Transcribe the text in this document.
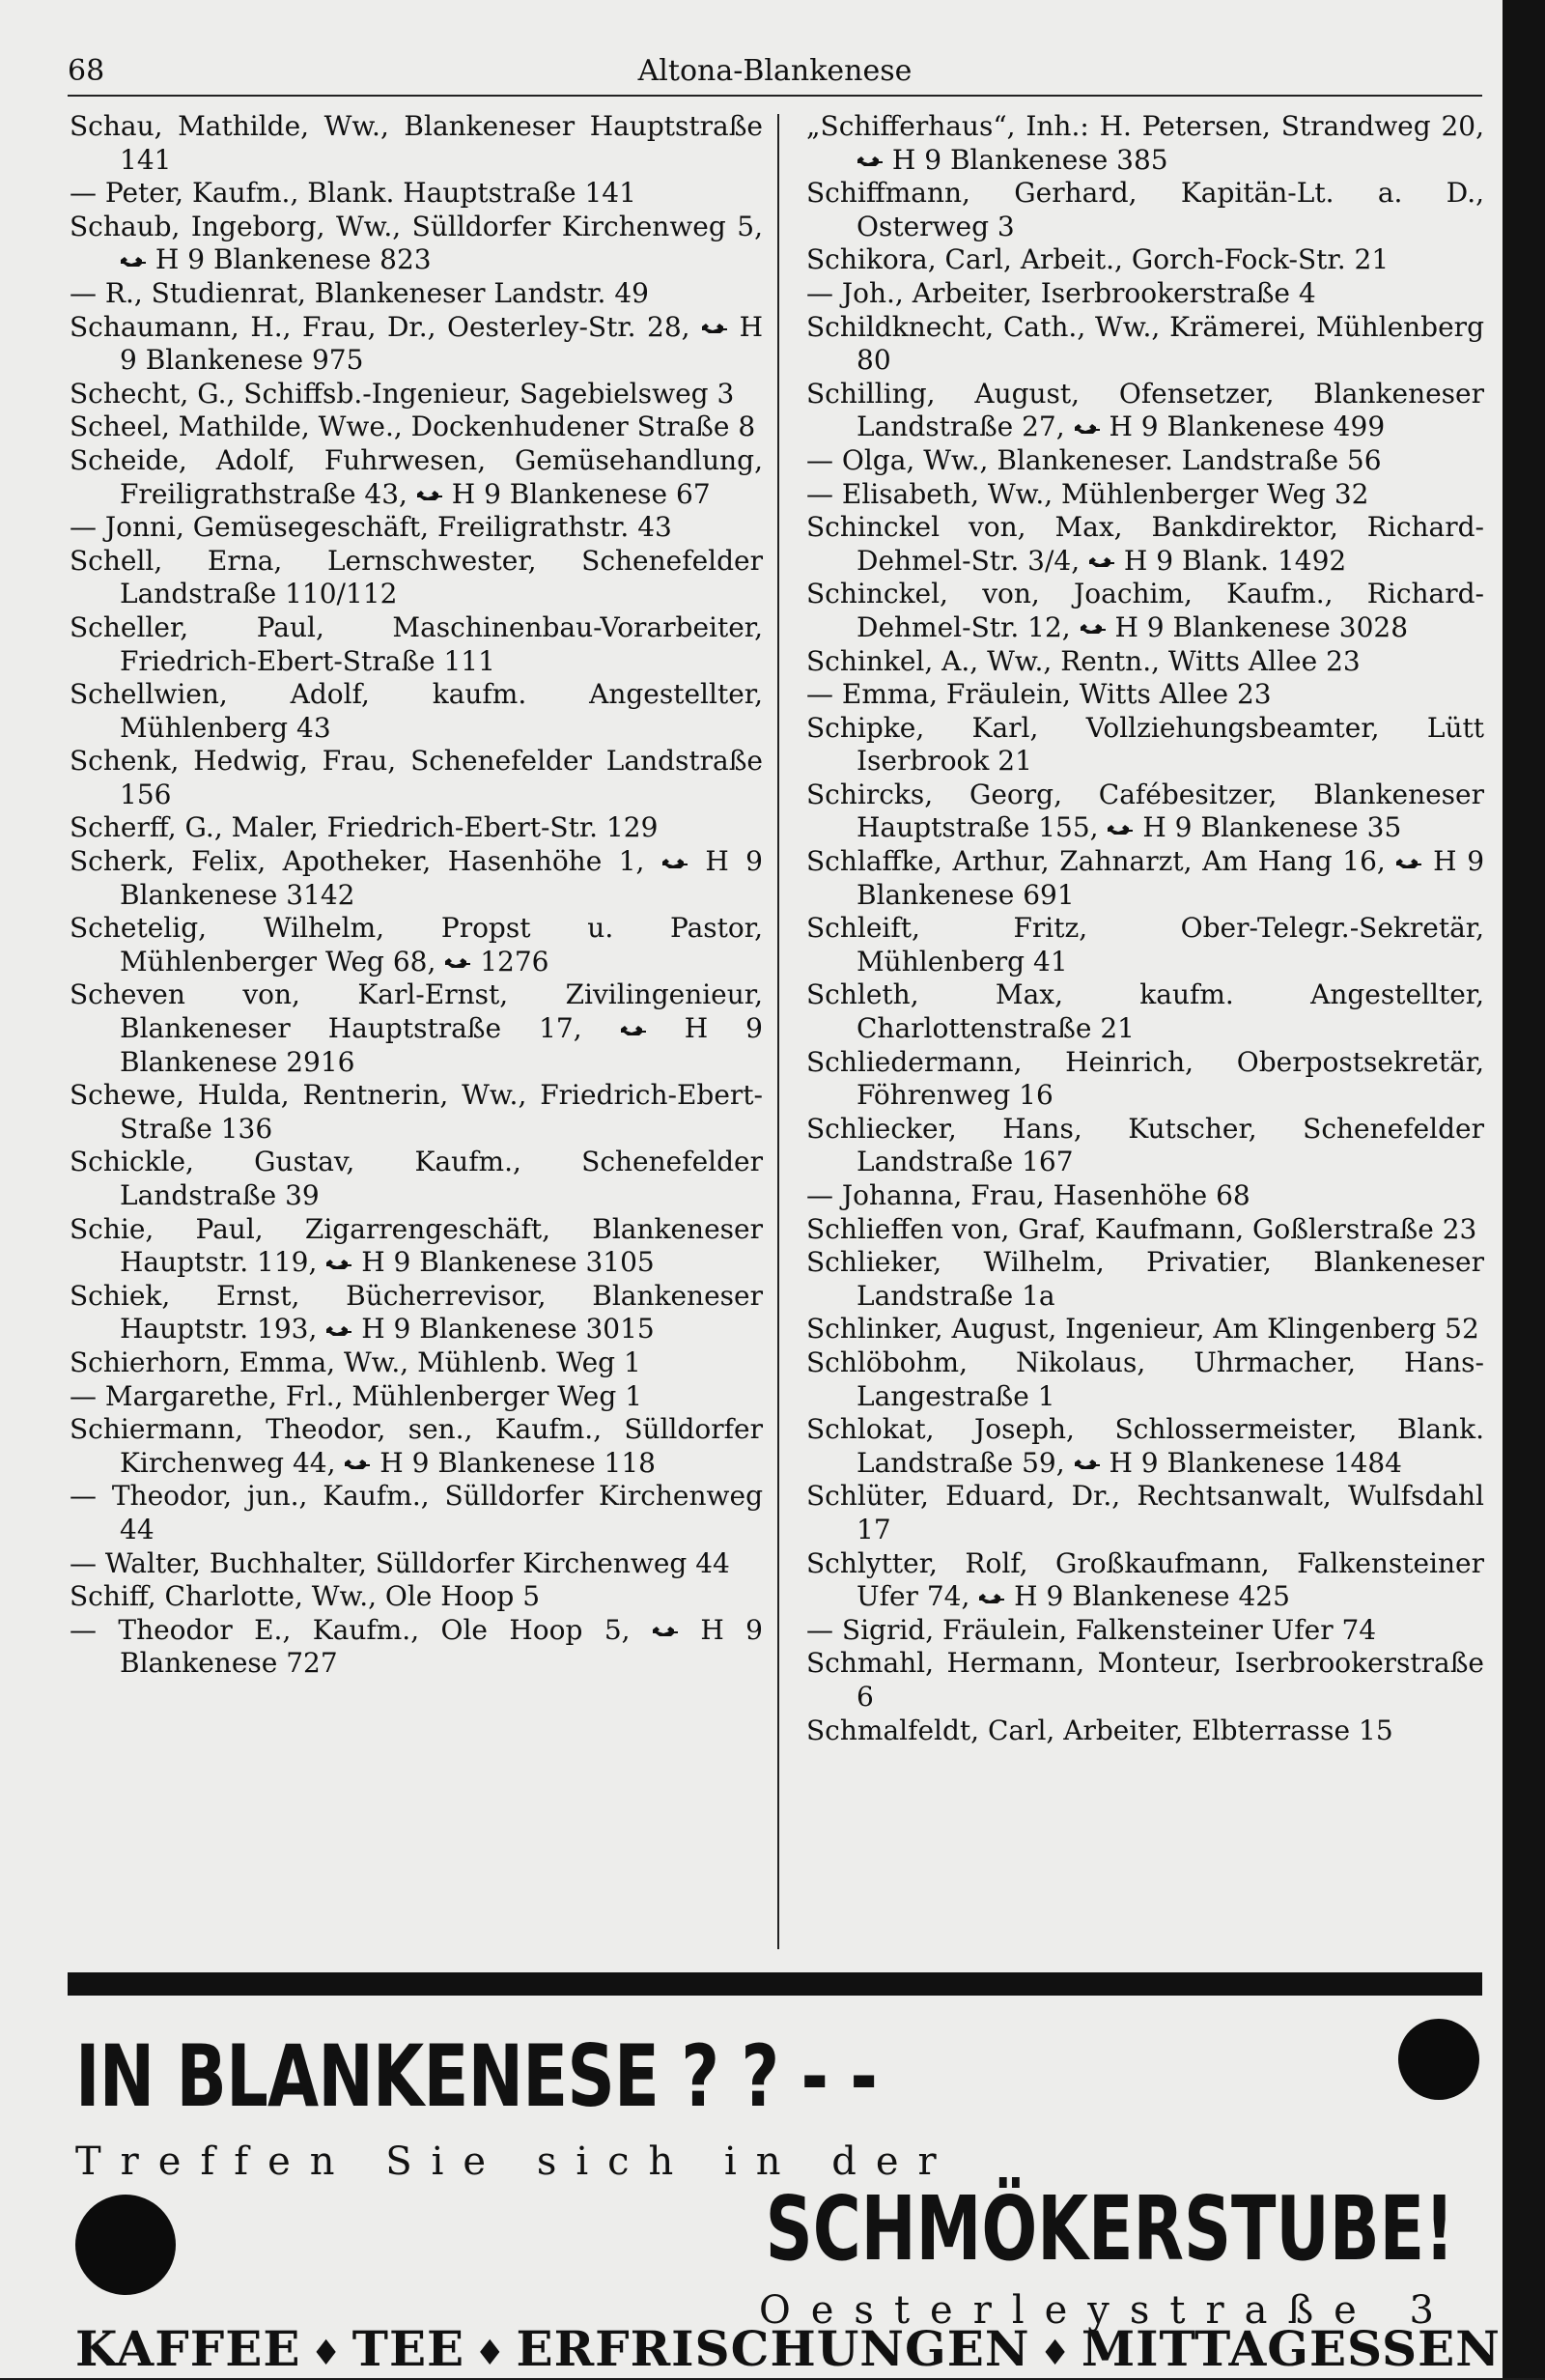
68	Altona-Blankenese
Schau, Mathilde, Ww., Blankeneser Hauptstraße 141
— Peter, Kaufm., Blank. Hauptstraße 141
Schaub, Ingeborg, Ww., Sülldorfer Kirchenweg 5,
H 9 Blankenese 823
— R., Studienrat, Blankeneser Landstr. 49
Schaumann, H., Frau, Dr., Oesterley-Str. 28, H 9 Blankenese 975
Schecht, G., Schiffsb.-Ingenieur, Sagebielsweg 3
Scheel, Mathilde, Wwe., Dockenhudener Straße 8
Scheide, Adolf, Fuhrwesen, Gemüsehandlung, Freiligrathstraße 43, H 9 Blankenese 67
— Jonni, Gemüsegeschäft, Freiligrathstr. 43
Schell, Erna, Lernschwester, Schenefelder Landstraße 110/112
Scheller, Paul, Maschinenbau-Vorarbeiter, Friedrich-Ebert-Straße 111
Schellwien, Adolf, kaufm. Angestellter, Mühlenberg 43
Schenk, Hedwig, Frau, Schenefelder Landstraße 156
Scherff, G., Maler, Friedrich-Ebert-Str. 129
Scherk, Felix, Apotheker, Hasenhöhe 1, H 9 Blankenese 3142
Schetelig, Wilhelm, Propst u. Pastor, Mühlenberger Weg 68, 1276
Scheven von, Karl-Ernst, Zivilingenieur, Blankeneser Hauptstraße 17,	H 9 Blankenese 2916
Schewe, Hulda, Rentnerin, Ww., Friedrich-Ebert-Straße 136
Schickle, Gustav, Kaufm., Schenefelder Landstraße 39
Schie, Paul, Zigarrengeschäft, Blankeneser Hauptstr. 119, H 9 Blankenese 3105
Schiek, Ernst, Bücherrevisor, Blankeneser Hauptstr. 193, H 9 Blankenese 3015
Schierhorn, Emma, Ww., Mühlenb. Weg 1
— Margarethe, Frl., Mühlenberger Weg 1
Schiermann, Theodor, sen., Kaufm., Sülldorfer Kirchenweg 44, H 9 Blankenese 118
— Theodor, jun., Kaufm., Sülldorfer Kirchenweg 44
— Walter, Buchhalter, Sülldorfer Kirchenweg 44
Schiff, Charlotte, Ww., Ole Hoop 5
— Theodor E., Kaufm., Ole Hoop 5,	H 9 Blankenese 727
„Schifferhaus“, Inh.: H. Petersen, Strandweg 20,
H 9 Blankenese 385
Schiffmann, Gerhard, Kapitän-Lt. a. D., Osterweg 3
Schikora, Carl, Arbeit., Gorch-Fock-Str. 21
— Joh., Arbeiter, Iserbrookerstraße 4
Schildknecht, Cath., Ww., Krämerei, Mühlenberg 80
Schilling, August, Ofensetzer, Blankeneser Landstraße 27, H 9 Blankenese 499
— Olga, Ww., Blankeneser. Landstraße 56
— Elisabeth, Ww., Mühlenberger Weg 32
Schinckel von, Max, Bankdirektor, Richard-Dehmel-Str. 3/4, H 9 Blank. 1492
Schinckel, von, Joachim, Kaufm., Richard-Dehmel-Str. 12, H 9 Blankenese 3028
Schinkel, A., Ww., Rentn., Witts Allee 23
— Emma, Fräulein, Witts Allee 23
Schipke, Karl, Vollziehungsbeamter, Lütt Iserbrook 21
Schircks, Georg, Cafébesitzer, Blankeneser Hauptstraße 155, H 9 Blankenese 35
Schlaffke, Arthur, Zahnarzt, Am Hang 16, H 9 Blankenese 691
Schleift, Fritz, Ober-Telegr.-Sekretär, Mühlenberg 41
Schleth, Max, kaufm. Angestellter, Charlottenstraße 21
Schliedermann, Heinrich, Oberpostsekretär, Föhrenweg 16
Schliecker, Hans, Kutscher, Schenefelder Landstraße 167
— Johanna, Frau, Hasenhöhe 68
Schlieffen von, Graf, Kaufmann, Goßlerstraße 23
Schlieker, Wilhelm, Privatier, Blankeneser Landstraße 1a
Schlinker, August, Ingenieur, Am Klingenberg 52
Schlöbohm, Nikolaus, Uhrmacher, Hans-Langestraße 1
Schlokat, Joseph, Schlossermeister, Blank. Landstraße 59, H 9 Blankenese 1484
Schlüter, Eduard, Dr., Rechtsanwalt, Wulfsdahl 17
Schlytter, Rolf, Großkaufmann, Falkensteiner Ufer 74, H 9 Blankenese 425
— Sigrid, Fräulein, Falkensteiner Ufer 74
Schmahl, Hermann, Monteur, Iserbrookerstraße 6
Schmalfeldt, Carl, Arbeiter, Elbterrasse 15
IN BLANKENESE ? ? - -
Treffen Sie sich in der
SCHMÖKERSTUBE!
Oesterleystraße 3
KAFFEE ♦ TEE ♦ ERFRISCHUNGEN ♦ MITTAGESSEN
